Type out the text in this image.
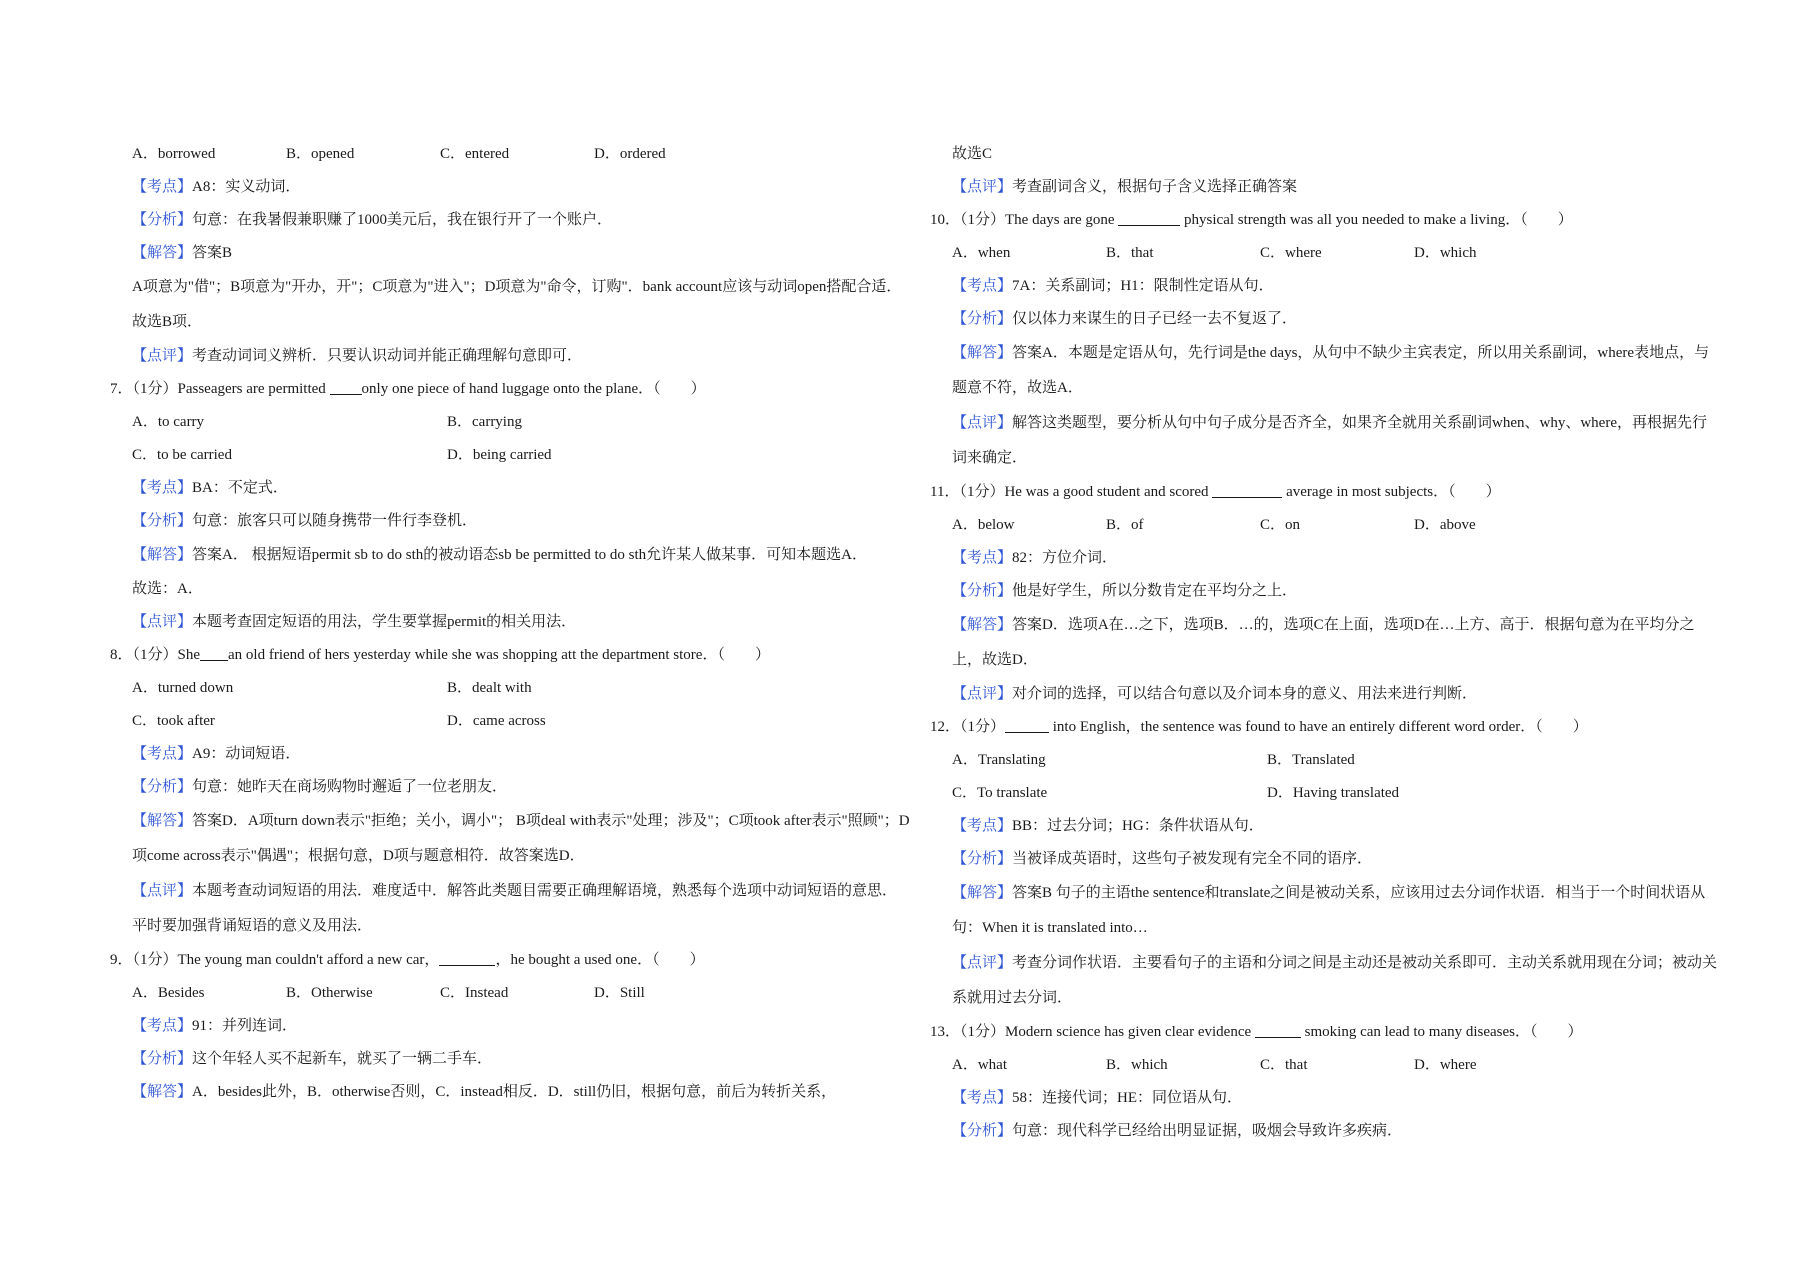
A．borrowed	B．opened	C．entered	D．ordered
【考点】A8：实义动词．
【分析】句意：在我暑假兼职赚了1000美元后，我在银行开了一个账户．
【解答】答案B
A项意为"借"；B项意为"开办，开"；C项意为"进入"；D项意为"命令，订购"．bank account应该与动词open搭配合适．故选B项．
【点评】考查动词词义辨析．只要认识动词并能正确理解句意即可．
7．（1分）Passeagers are permitted only one piece of hand luggage onto the plane．（　　）
A．to carry	B．carrying
C．to be carried	D．being carried
【考点】BA：不定式．
【分析】句意：旅客只可以随身携带一件行李登机．
【解答】答案A． 根据短语permit sb to do sth的被动语态sb be permitted to do sth允许某人做某事．可知本题选A．
故选：A．
【点评】本题考查固定短语的用法，学生要掌握permit的相关用法．
8．（1分）She an old friend of hers yesterday while she was shopping att the department store．（　　）
A．turned down	B．dealt with
C．took after	D．came across
【考点】A9：动词短语．
【分析】句意：她昨天在商场购物时邂逅了一位老朋友．
【解答】答案D．A项turn down表示"拒绝；关小，调小"； B项deal with表示"处理；涉及"；C项took after表示"照顾"；D项come across表示"偶遇"；根据句意，D项与题意相符．故答案选D．
【点评】本题考查动词短语的用法．难度适中．解答此类题目需要正确理解语境，熟悉每个选项中动词短语的意思．平时要加强背诵短语的意义及用法．
9．（1分）The young man couldn't afford a new car，	，he bought a used one．（　　）
A．Besides	B．Otherwise	C．Instead	D．Still
【考点】91：并列连词．
【分析】这个年轻人买不起新车，就买了一辆二手车．
【解答】A．besides此外，B．otherwise否则，C．instead相反．D．still仍旧，根据句意，前后为转折关系，
故选C
【点评】考查副词含义，根据句子含义选择正确答案
10．（1分）The days are gone	physical strength was all you needed to make a living．（　　）
A．when	B．that	C．where	D．which
【考点】7A：关系副词；H1：限制性定语从句．
【分析】仅以体力来谋生的日子已经一去不复返了．
【解答】答案A．本题是定语从句，先行词是the days，从句中不缺少主宾表定，所以用关系副词，where表地点，与题意不符，故选A．
【点评】解答这类题型，要分析从句中句子成分是否齐全，如果齐全就用关系副词when、why、where，再根据先行词来确定．
11．（1分）He was a good student and scored	average in most subjects．（　　）
A．below	B．of	C．on	D．above
【考点】82：方位介词．
【分析】他是好学生，所以分数肯定在平均分之上．
【解答】答案D．选项A在…之下，选项B．…的，选项C在上面，选项D在…上方、高于．根据句意为在平均分之上，故选D．
【点评】对介词的选择，可以结合句意以及介词本身的意义、用法来进行判断．
12．（1分）	into English，the sentence was found to have an entirely different word order．（　　）
A．Translating	B．Translated
C．To translate	D．Having translated
【考点】BB：过去分词；HG：条件状语从句．
【分析】当被译成英语时，这些句子被发现有完全不同的语序．
【解答】答案B 句子的主语the sentence和translate之间是被动关系，应该用过去分词作状语．相当于一个时间状语从句：When it is translated into…
【点评】考查分词作状语．主要看句子的主语和分词之间是主动还是被动关系即可．主动关系就用现在分词；被动关系就用过去分词．
13．（1分）Modern science has given clear evidence	smoking can lead to many diseases．（　　）
A．what	B．which	C．that	D．where
【考点】58：连接代词；HE：同位语从句．
【分析】句意：现代科学已经给出明显证据，吸烟会导致许多疾病．
